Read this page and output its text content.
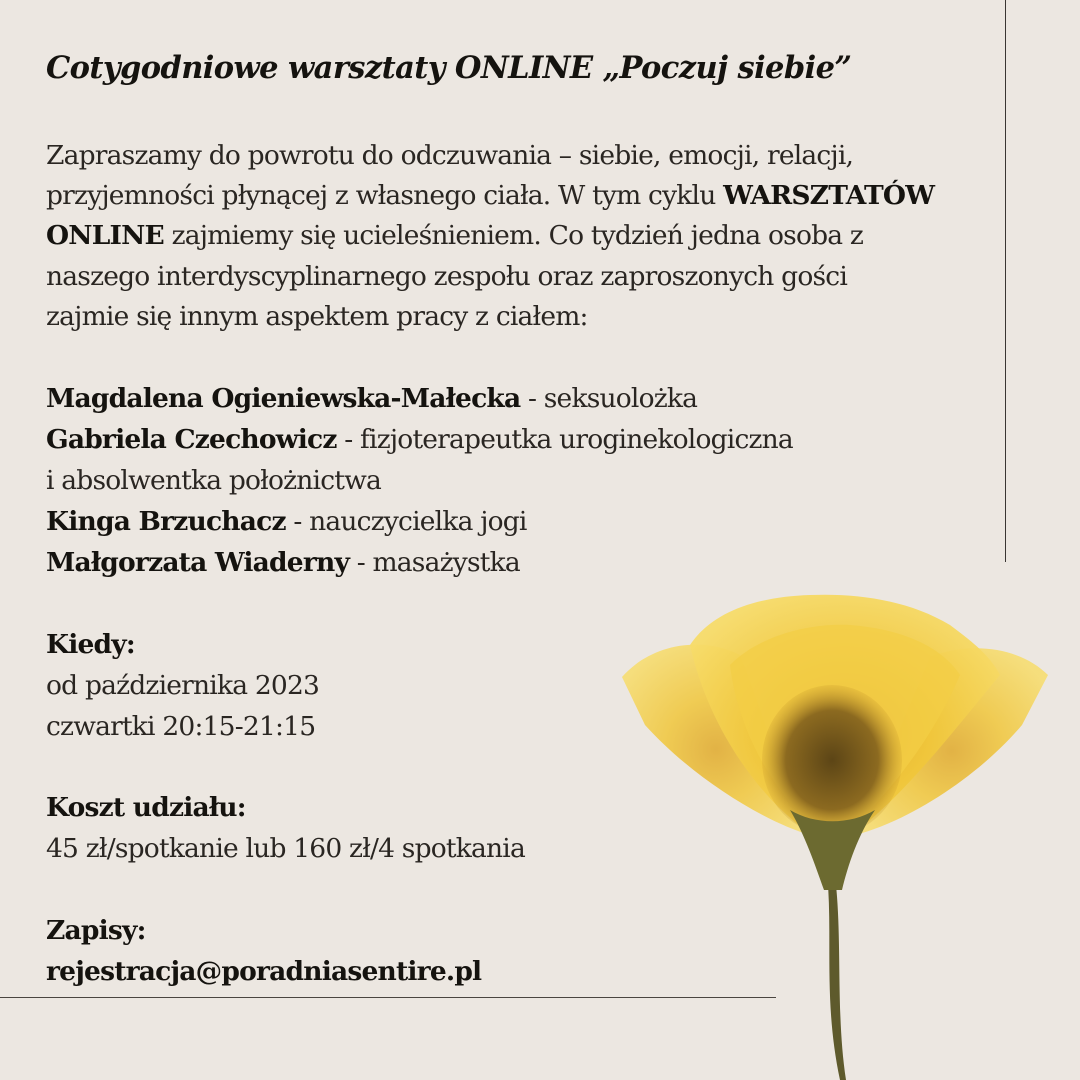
Cotygodniowe warsztaty ONLINE „Poczuj siebie”

Zapraszamy do powrotu do odczuwania – siebie, emocji, relacji,
przyjemności płynącej z własnego ciała. W tym cyklu WARSZTATÓW
ONLINE zajmiemy się ucieleśnieniem. Co tydzień jedna osoba z
naszego interdyscyplinarnego zespołu oraz zaproszonych gości
zajmie się innym aspektem pracy z ciałem:

Magdalena Ogieniewska-Małecka - seksuolożka
Gabriela Czechowicz - fizjoterapeutka uroginekologiczna
i absolwentka położnictwa
Kinga Brzuchacz - nauczycielka jogi
Małgorzata Wiaderny - masażystka
Kiedy:
od października 2023
czwartki 20:15-21:15
Koszt udziału:
45 zł/spotkanie lub 160 zł/4 spotkania
Zapisy:
rejestracja@poradniasentire.pl
